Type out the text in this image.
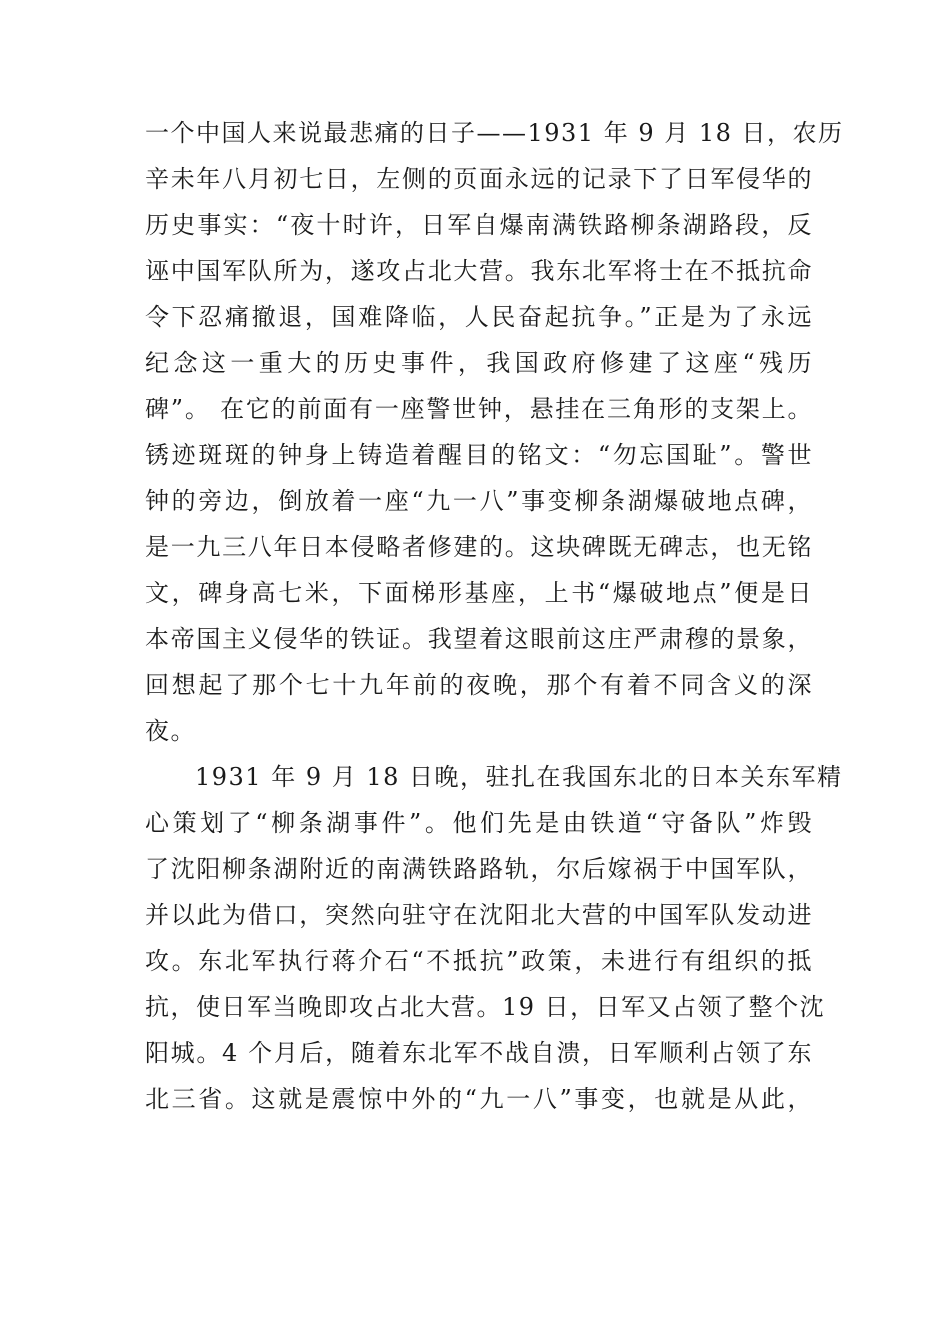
一个中国人来说最悲痛的日子——1931 年 9 月 18 日，农历
辛未年八月初七日，左侧的页面永远的记录下了日军侵华的
历史事实：“夜十时许，日军自爆南满铁路柳条湖路段，反
诬中国军队所为，遂攻占北大营。我东北军将士在不抵抗命
令下忍痛撤退，国难降临，人民奋起抗争。”正是为了永远
纪念这一重大的历史事件，我国政府修建了这座“残历
碑”。 在它的前面有一座警世钟，悬挂在三角形的支架上。
锈迹斑斑的钟身上铸造着醒目的铭文：“勿忘国耻”。警世
钟的旁边，倒放着一座“九一八”事变柳条湖爆破地点碑，
是一九三八年日本侵略者修建的。这块碑既无碑志，也无铭
文，碑身高七米，下面梯形基座，上书“爆破地点”便是日
本帝国主义侵华的铁证。我望着这眼前这庄严肃穆的景象，
回想起了那个七十九年前的夜晚，那个有着不同含义的深
夜。
1931 年 9 月 18 日晚，驻扎在我国东北的日本关东军精
心策划了“柳条湖事件”。他们先是由铁道“守备队”炸毁
了沈阳柳条湖附近的南满铁路路轨，尔后嫁祸于中国军队，
并以此为借口，突然向驻守在沈阳北大营的中国军队发动进
攻。东北军执行蒋介石“不抵抗”政策，未进行有组织的抵
抗，使日军当晚即攻占北大营。19 日，日军又占领了整个沈
阳城。4 个月后，随着东北军不战自溃，日军顺利占领了东
北三省。这就是震惊中外的“九一八”事变，也就是从此，
